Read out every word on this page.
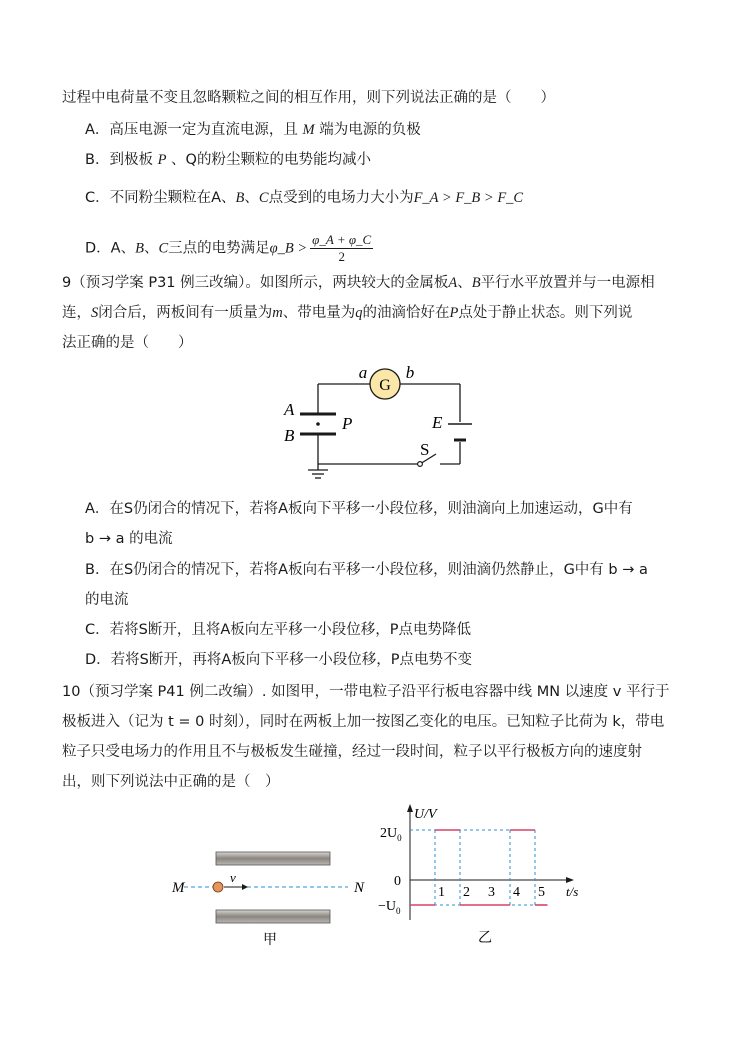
过程中电荷量不变且忽略颗粒之间的相互作用，则下列说法正确的是（　　）
A．高压电源一定为直流电源，且 M 端为电源的负极
B．到极板 P 、Q的粉尘颗粒的电势能均减小
C．不同粉尘颗粒在A、B、C点受到的电场力大小为F_A > F_B > F_C
D．A、B、C三点的电势满足φ_B > $\frac{\varphi\_A + \varphi\_C}{2}$
9（预习学案 P31 例三改编）。如图所示，两块较大的金属板A、B平行水平放置并与一电源相
连，S闭合后，两板间有一质量为m、带电量为q的油滴恰好在P点处于静止状态。则下列说
法正确的是（　　）
G
a b
A
B
P	E
S
A．在S仍闭合的情况下，若将A板向下平移一小段位移，则油滴向上加速运动，G中有
b → a 的电流
B．在S仍闭合的情况下，若将A板向右平移一小段位移，则油滴仍然静止，G中有 b → a
的电流
C．若将S断开，且将A板向左平移一小段位移，P点电势降低
D．若将S断开，再将A板向下平移一小段位移，P点电势不变
10（预习学案 P41 例二改编）. 如图甲，一带电粒子沿平行板电容器中线 MN 以速度 v 平行于
极板进入（记为 t = 0 时刻），同时在两板上加一按图乙变化的电压。已知粒子比荷为 k，带电
粒子只受电场力的作用且不与极板发生碰撞，经过一段时间，粒子以平行极板方向的速度射
出，则下列说法中正确的是（　）
M	N
v
甲
U/V
t/s
$2U_0$
0
$-U_0$
乙
1 2 3 4 5
